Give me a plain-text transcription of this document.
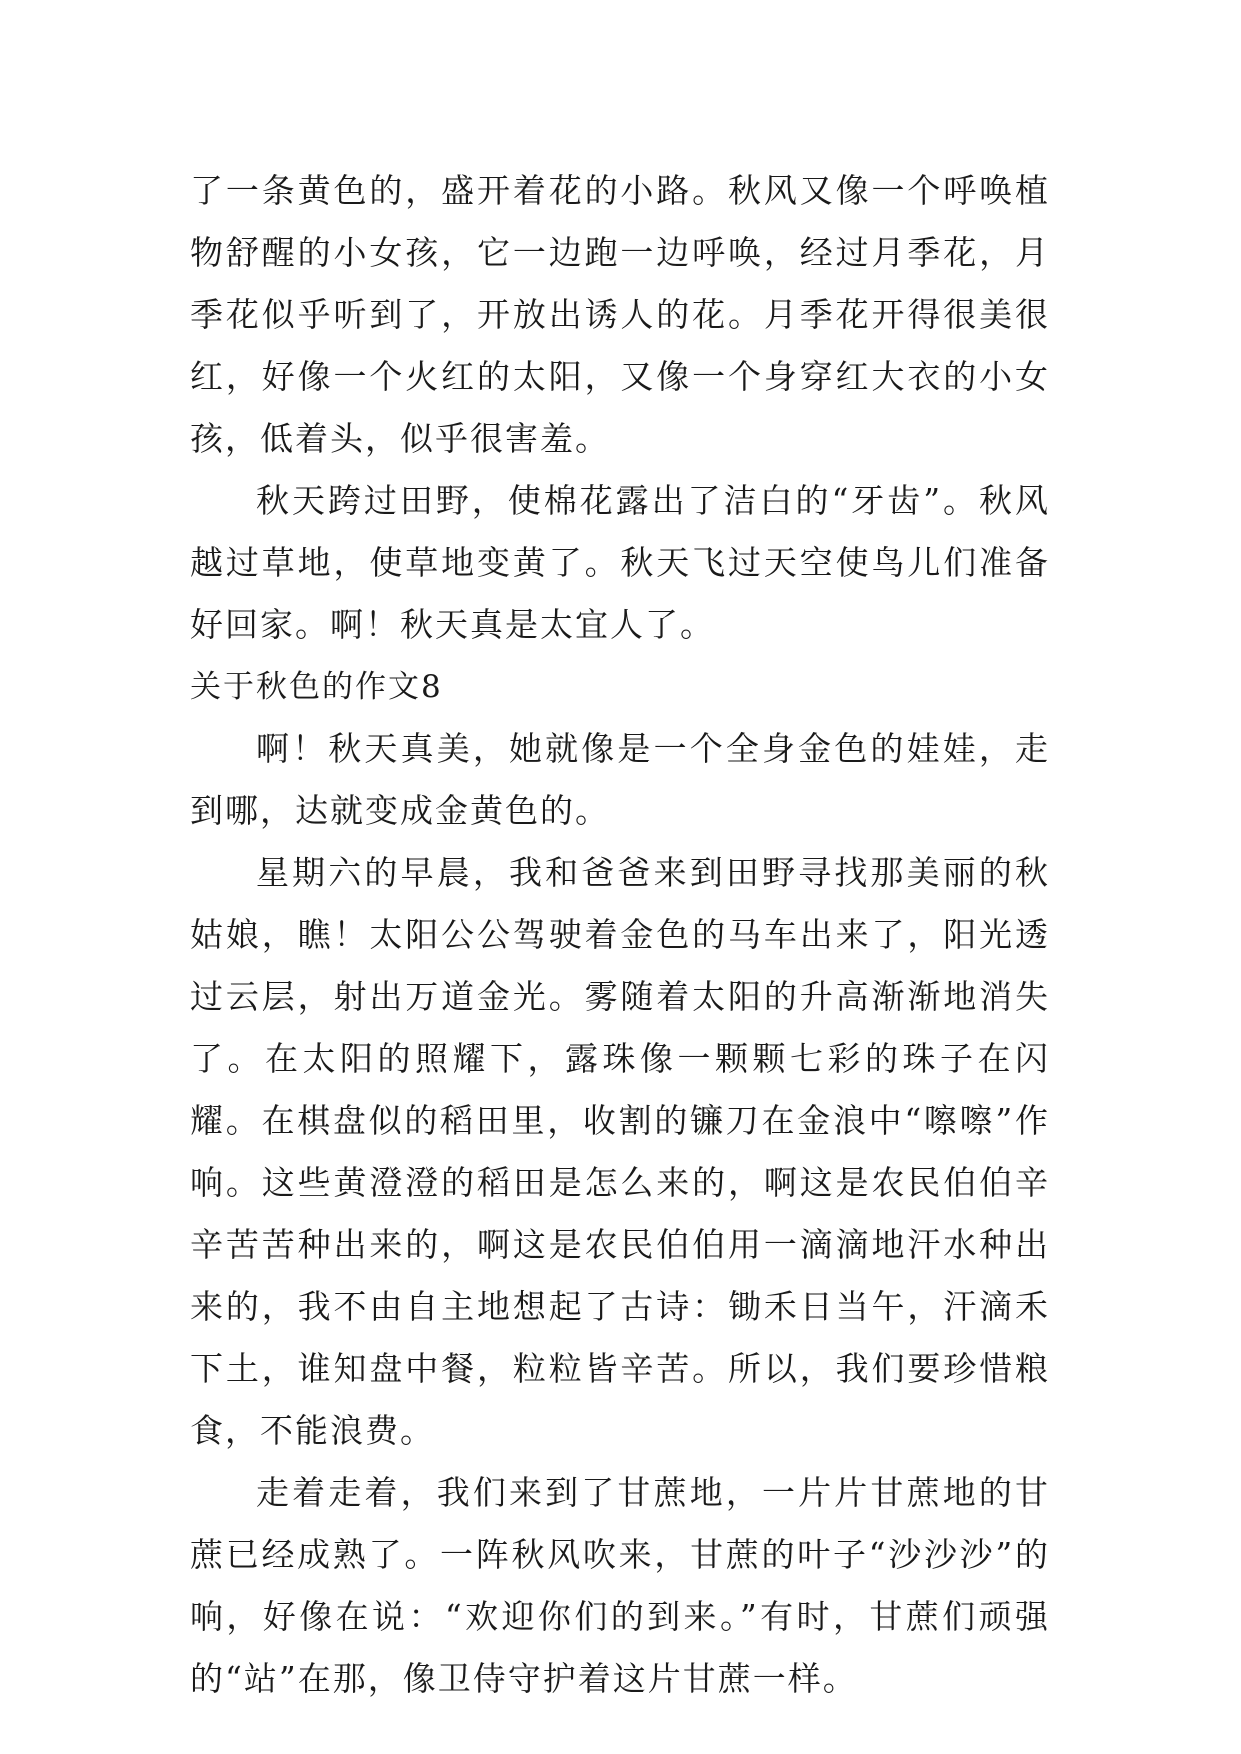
了一条黄色的，盛开着花的小路。秋风又像一个呼唤植物舒醒的小女孩，它一边跑一边呼唤，经过月季花，月季花似乎听到了，开放出诱人的花。月季花开得很美很红，好像一个火红的太阳，又像一个身穿红大衣的小女孩，低着头，似乎很害羞。

秋天跨过田野，使棉花露出了洁白的“牙齿”。秋风越过草地，使草地变黄了。秋天飞过天空使鸟儿们准备好回家。啊！秋天真是太宜人了。

关于秋色的作文8

啊！秋天真美，她就像是一个全身金色的娃娃，走到哪，达就变成金黄色的。

星期六的早晨，我和爸爸来到田野寻找那美丽的秋姑娘，瞧！太阳公公驾驶着金色的马车出来了，阳光透过云层，射出万道金光。雾随着太阳的升高渐渐地消失了。在太阳的照耀下，露珠像一颗颗七彩的珠子在闪耀。在棋盘似的稻田里，收割的镰刀在金浪中“嚓嚓”作响。这些黄澄澄的稻田是怎么来的，啊这是农民伯伯辛辛苦苦种出来的，啊这是农民伯伯用一滴滴地汗水种出来的，我不由自主地想起了古诗：锄禾日当午，汗滴禾下土，谁知盘中餐，粒粒皆辛苦。所以，我们要珍惜粮食，不能浪费。

走着走着，我们来到了甘蔗地，一片片甘蔗地的甘蔗已经成熟了。一阵秋风吹来，甘蔗的叶子“沙沙沙”的响，好像在说：“欢迎你们的到来。”有时，甘蔗们顽强的“站”在那，像卫侍守护着这片甘蔗一样。
